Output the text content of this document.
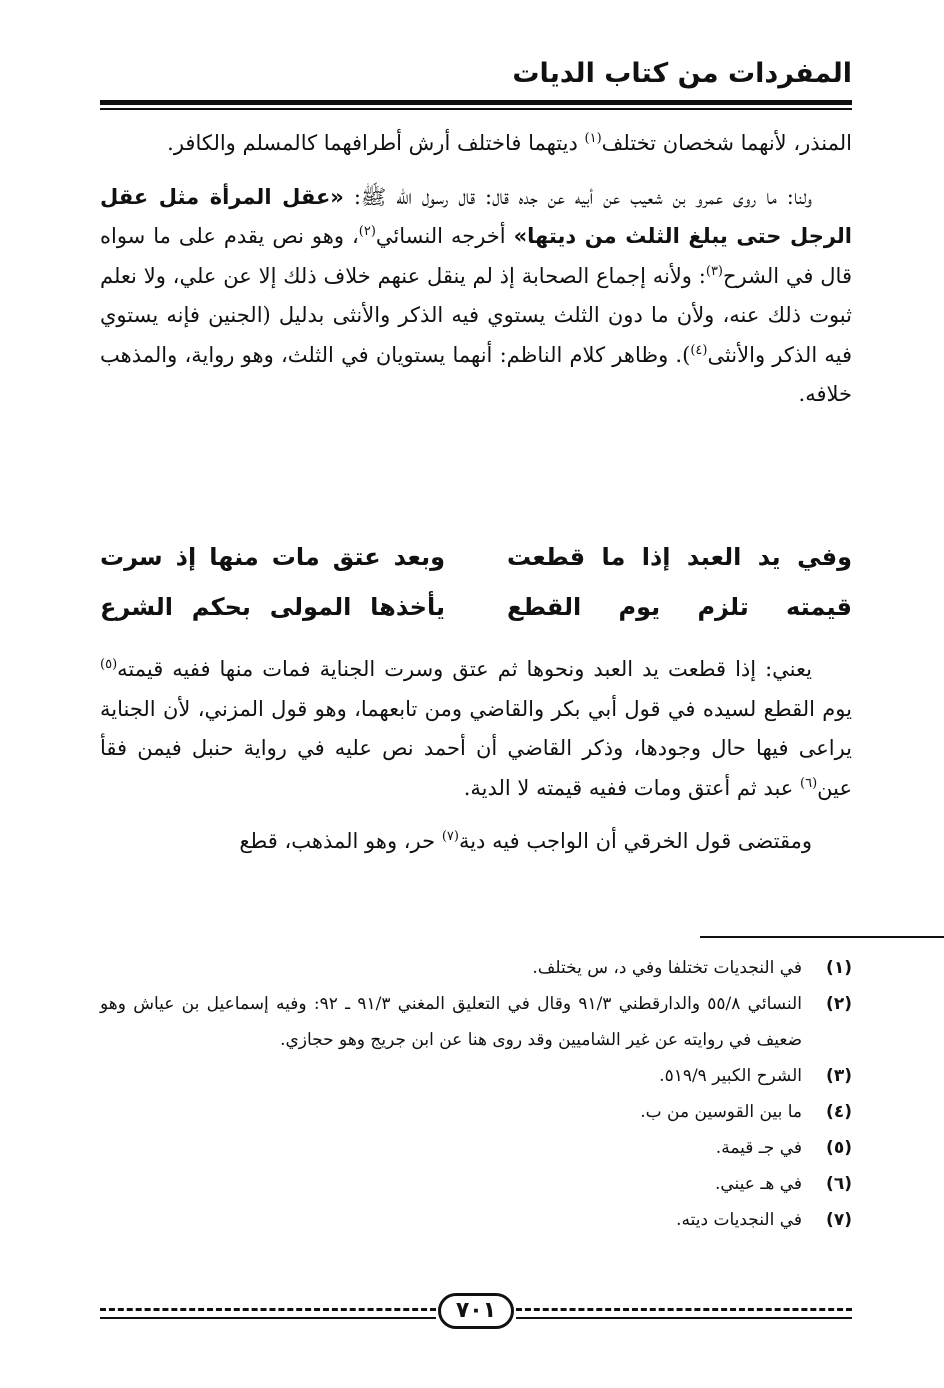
المفردات من كتاب الديات

المنذر، لأنهما شخصان تختلف$^{(١)}$ ديتهما فاختلف أرش أطرافهما كالمسلم والكافر.

ولنا: ما روى عمرو بن شعيب عن أبيه عن جده قال: قال رسول الله ﷺ: «عقل المرأة مثل عقل الرجل حتى يبلغ الثلث من ديتها» أخرجه النسائي$^{(٢)}$، وهو نص يقدم على ما سواه قال في الشرح$^{(٣)}$: ولأنه إجماع الصحابة إذ لم ينقل عنهم خلاف ذلك إلا عن علي، ولا نعلم ثبوت ذلك عنه، ولأن ما دون الثلث يستوي فيه الذكر والأنثى بدليل (الجنين فإنه يستوي فيه الذكر والأنثى$^{(٤)}$). وظاهر كلام الناظم: أنهما يستويان في الثلث، وهو رواية، والمذهب خلافه.

وفي يد العبد إذا ما قطعت
وبعد عتق مات منها إذ سرت
قيمته تلزم يوم القطع
يأخذها المولى بحكم الشرع

يعني: إذا قطعت يد العبد ونحوها ثم عتق وسرت الجناية فمات منها ففيه قيمته$^{(٥)}$ يوم القطع لسيده في قول أبي بكر والقاضي ومن تابعهما، وهو قول المزني، لأن الجناية يراعى فيها حال وجودها، وذكر القاضي أن أحمد نص عليه في رواية حنبل فيمن فقأ عين$^{(٦)}$ عبد ثم أعتق ومات ففيه قيمته لا الدية.

ومقتضى قول الخرقي أن الواجب فيه دية$^{(٧)}$ حر، وهو المذهب، قطع

(١)
في النجديات تختلفا وفي د، س يختلف.
(٢)
النسائي ٥٥/٨ والدارقطني ٩١/٣ وقال في التعليق المغني ٩١/٣ ـ ٩٢: وفيه إسماعيل بن عياش وهو ضعيف في روايته عن غير الشاميين وقد روى هنا عن ابن جريج وهو حجازي.
(٣)
الشرح الكبير ٥١٩/٩.
(٤)
ما بين القوسين من ب.
(٥)
في جـ قيمة.
(٦)
في هـ عيني.
(٧)
في النجديات ديته.
٧٠١
